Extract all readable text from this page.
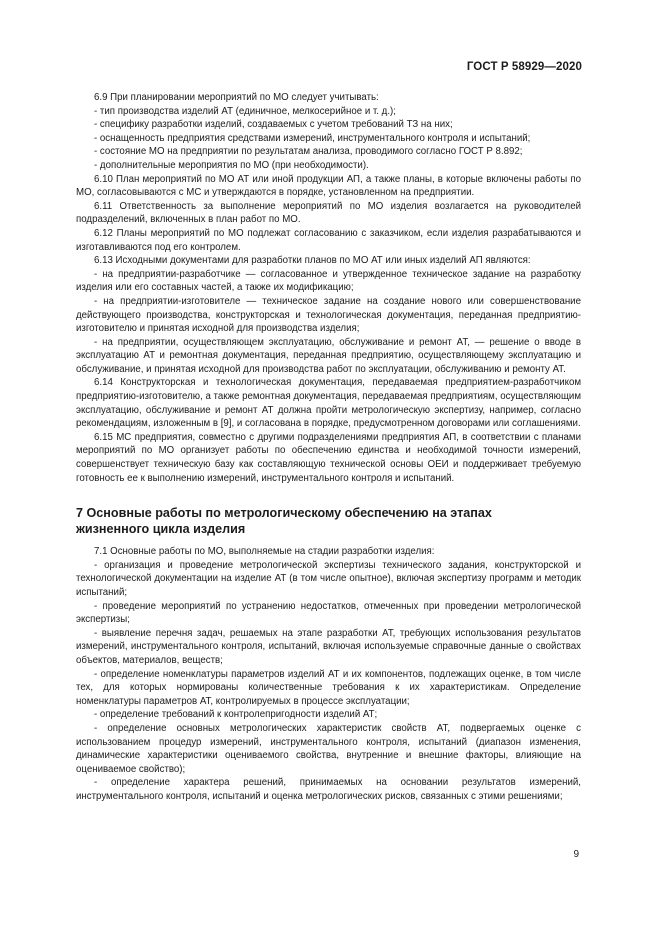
ГОСТ Р 58929—2020

6.9 При планировании мероприятий по МО следует учитывать:

- тип производства изделий АТ (единичное, мелкосерийное и т. д.);

- специфику разработки изделий, создаваемых с учетом требований ТЗ на них;

- оснащенность предприятия средствами измерений, инструментального контроля и испытаний;

- состояние МО на предприятии по результатам анализа, проводимого согласно ГОСТ Р 8.892;

- дополнительные мероприятия по МО (при необходимости).

6.10 План мероприятий по МО АТ или иной продукции АП, а также планы, в которые включены работы по МО, согласовываются с МС и утверждаются в порядке, установленном на предприятии.

6.11 Ответственность за выполнение мероприятий по МО изделия возлагается на руководителей подразделений, включенных в план работ по МО.

6.12 Планы мероприятий по МО подлежат согласованию с заказчиком, если изделия разрабатываются и изготавливаются под его контролем.

6.13 Исходными документами для разработки планов по МО АТ или иных изделий АП являются:

- на предприятии-разработчике — согласованное и утвержденное техническое задание на разработку изделия или его составных частей, а также их модификацию;

- на предприятии-изготовителе — техническое задание на создание нового или совершенствование действующего производства, конструкторская и технологическая документация, переданная предприятию-изготовителю и принятая исходной для производства изделия;

- на предприятии, осуществляющем эксплуатацию, обслуживание и ремонт АТ, — решение о вводе в эксплуатацию АТ и ремонтная документация, переданная предприятию, осуществляющему эксплуатацию и обслуживание, и принятая исходной для производства работ по эксплуатации, обслуживанию и ремонту АТ.

6.14 Конструкторская и технологическая документация, передаваемая предприятием-разработчиком предприятию-изготовителю, а также ремонтная документация, передаваемая предприятиям, осуществляющим эксплуатацию, обслуживание и ремонт АТ должна пройти метрологическую экспертизу, например, согласно рекомендациям, изложенным в [9], и согласована в порядке, предусмотренном договорами или соглашениями.

6.15 МС предприятия, совместно с другими подразделениями предприятия АП, в соответствии с планами мероприятий по МО организует работы по обеспечению единства и необходимой точности измерений, совершенствует техническую базу как составляющую технической основы ОЕИ и поддерживает требуемую готовность ее к выполнению измерений, инструментального контроля и испытаний.

7 Основные работы по метрологическому обеспечению на этапах
жизненного цикла изделия

7.1 Основные работы по МО, выполняемые на стадии разработки изделия:

- организация и проведение метрологической экспертизы технического задания, конструкторской и технологической документации на изделие АТ (в том числе опытное), включая экспертизу программ и методик испытаний;

- проведение мероприятий по устранению недостатков, отмеченных при проведении метрологической экспертизы;

- выявление перечня задач, решаемых на этапе разработки АТ, требующих использования результатов измерений, инструментального контроля, испытаний, включая используемые справочные данные о свойствах объектов, материалов, веществ;

- определение номенклатуры параметров изделий АТ и их компонентов, подлежащих оценке, в том числе тех, для которых нормированы количественные требования к их характеристикам. Определение номенклатуры параметров АТ, контролируемых в процессе эксплуатации;

- определение требований к контролепригодности изделий АТ;

- определение основных метрологических характеристик свойств АТ, подвергаемых оценке с использованием процедур измерений, инструментального контроля, испытаний (диапазон изменения, динамические характеристики оцениваемого свойства, внутренние и внешние факторы, влияющие на оцениваемое свойство);

- определение характера решений, принимаемых на основании результатов измерений, инструментального контроля, испытаний и оценка метрологических рисков, связанных с этими решениями;

9
